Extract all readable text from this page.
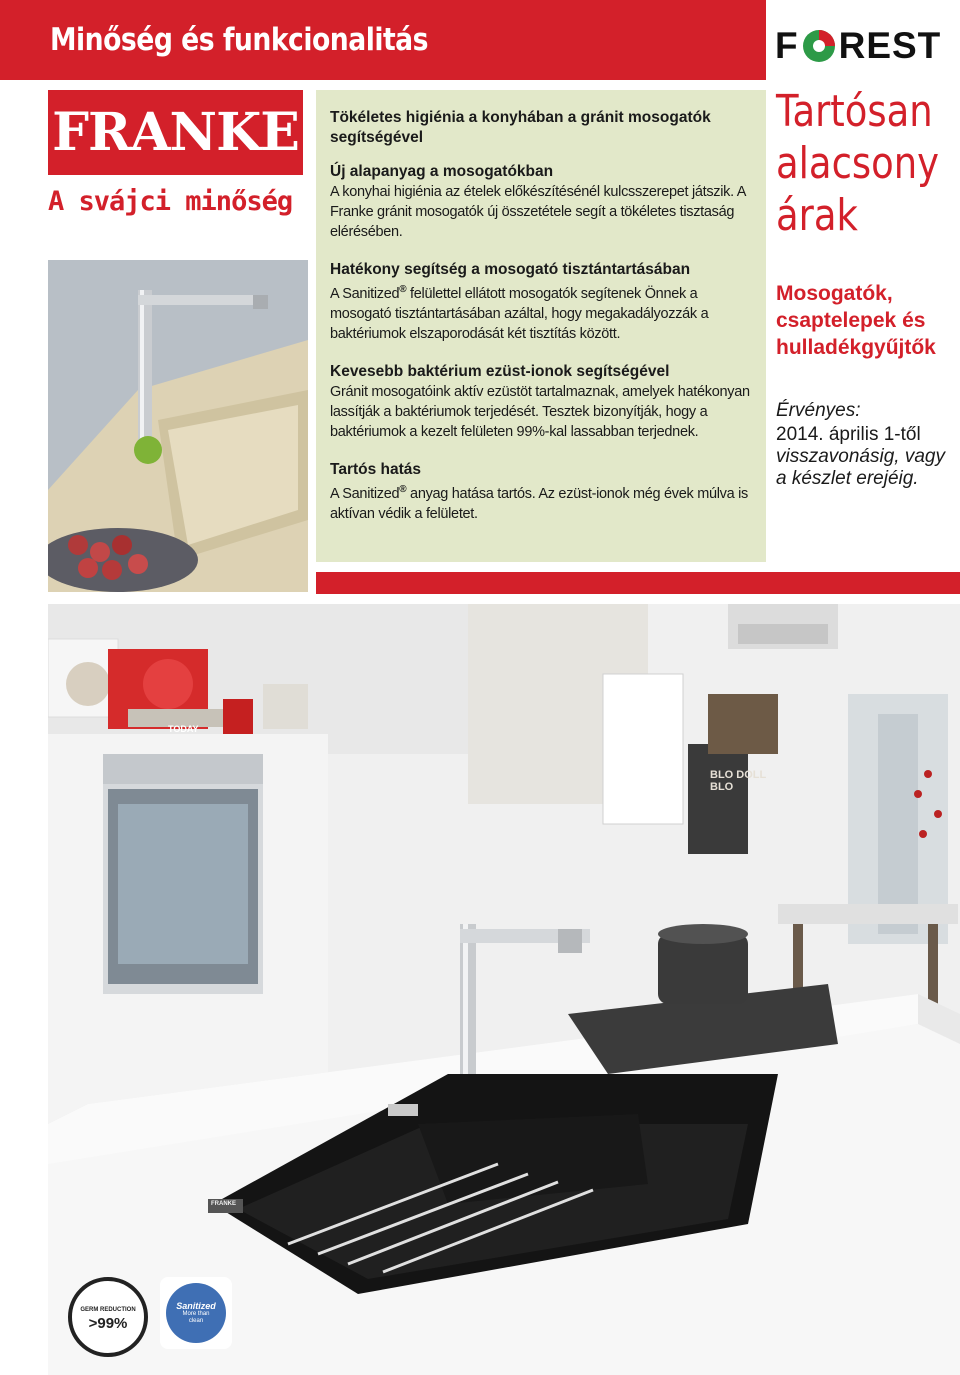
Minőség és funkcionalitás	F REST
Tartósan
alacsony
árak
Mosogatók,
csaptelepek és
hulladékgyűjtők
Érvényes:
2014. április 1-től
visszavonásig, vagy
a készlet erejéig.
FRANKE
A svájci minőség
Tökéletes higiénia a konyhában a gránit mosogatók
segítségével
Új alapanyag a mosogatókban

A konyhai higiénia az ételek előkészítésénél kulcsszerepet játszik. A Franke gránit mosogatók új összetétele segít a tökéletes tisztaság elérésében.

Hatékony segítség a mosogató tisztántartásában

A Sanitized® felülettel ellátott mosogatók segítenek Önnek a mosogató tisztántartásában azáltal, hogy megakadályozzák a baktériumok elszaporodását két tisztítás között.

Kevesebb baktérium ezüst-ionok segítségével

Gránit mosogatóink aktív ezüstöt tartalmaznak, amelyek hatékonyan lassítják a baktériumok terjedését. Tesztek bizonyítják, hogy a baktériumok a kezelt felületen 99%-kal lassabban terjednek.

Tartós hatás

A Sanitized® anyag hatása tartós. Az ezüst-ionok még évek múlva is aktívan védik a felületet.

TODAY
BLO DOLL BLO
FRANKE
GERM REDUCTION
>99%
Sanitized
More than clean
